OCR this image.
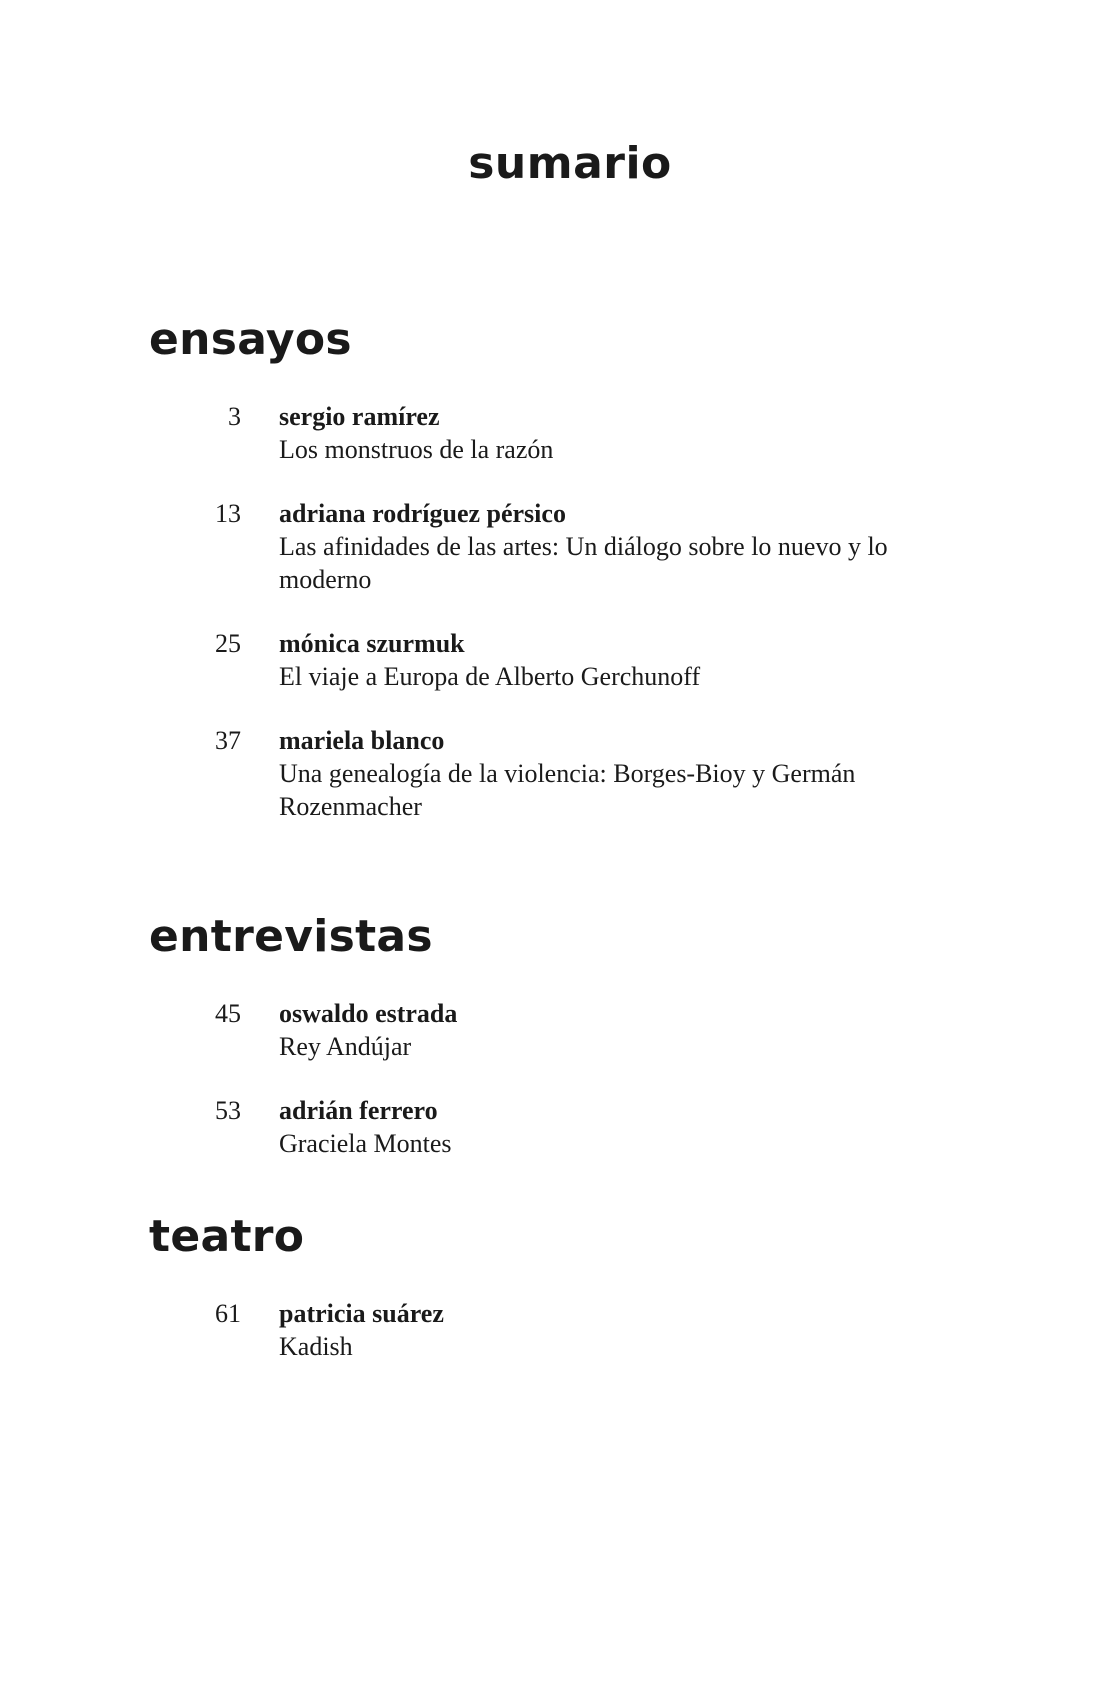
sumario
ensayos
3	sergio ramírez
Los monstruos de la razón
13	adriana rodríguez pérsico
Las afinidades de las artes: Un diálogo sobre lo nuevo y lo moderno
25	mónica szurmuk
El viaje a Europa de Alberto Gerchunoff
37	mariela blanco
Una genealogía de la violencia: Borges-Bioy y Germán Rozenmacher
entrevistas
45	oswaldo estrada
Rey Andújar
53	adrián ferrero
Graciela Montes
teatro
61	patricia suárez
Kadish
